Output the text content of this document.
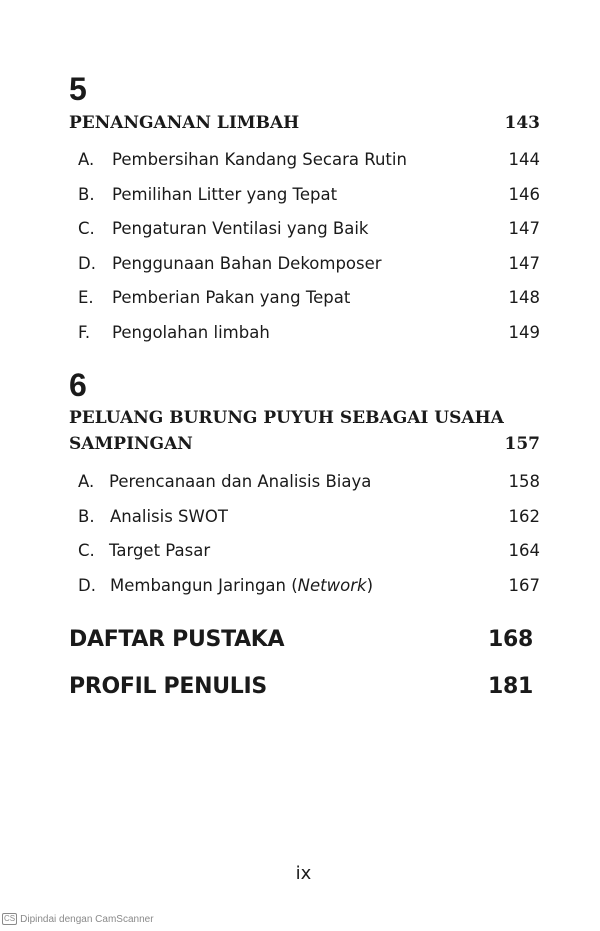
5
PENANGANAN LIMBAH	143
A. Pembersihan Kandang Secara Rutin	144
B. Pemilihan Litter yang Tepat	146
C. Pengaturan Ventilasi yang Baik	147
D. Penggunaan Bahan Dekomposer	147
E. Pemberian Pakan yang Tepat	148
F. Pengolahan limbah	149
6
PELUANG BURUNG PUYUH SEBAGAI USAHA
SAMPINGAN	157
A. Perencanaan dan Analisis Biaya	158
B. Analisis SWOT	162
C. Target Pasar	164
D. Membangun Jaringan (Network)	167
DAFTAR PUSTAKA	168
PROFIL PENULIS	181
ix
CS Dipindai dengan CamScanner
